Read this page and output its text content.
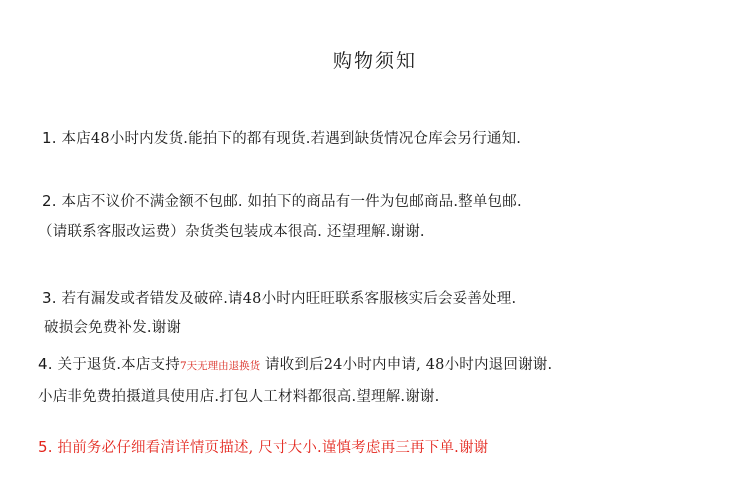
购物须知
1. 本店48小时内发货.能拍下的都有现货.若遇到缺货情况仓库会另行通知.
2. 本店不议价不满金额不包邮. 如拍下的商品有一件为包邮商品.整单包邮.
（请联系客服改运费）杂货类包装成本很高. 还望理解.谢谢.
3. 若有漏发或者错发及破碎.请48小时内旺旺联系客服核实后会妥善处理.
破损会免费补发.谢谢
4. 关于退货.本店支持7天无理由退换货 请收到后24小时内申请, 48小时内退回谢谢.
小店非免费拍摄道具使用店.打包人工材料都很高.望理解.谢谢.
5. 拍前务必仔细看清详情页描述, 尺寸大小.谨慎考虑再三再下单.谢谢
